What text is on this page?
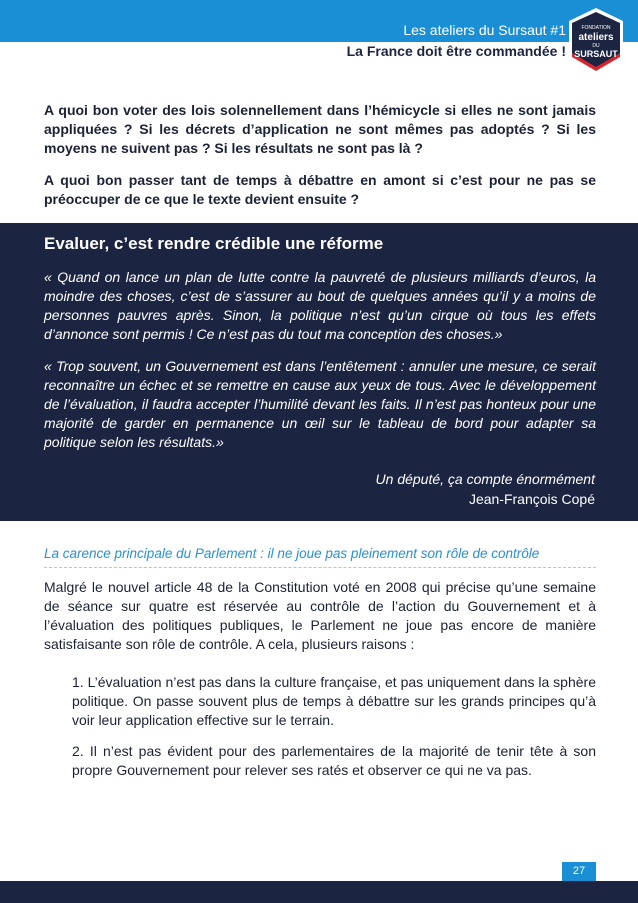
Les ateliers du Sursaut #1
La France doit être commandée !
FONDATION
ateliers
DU
SURSAUT

A quoi bon voter des lois solennellement dans l’hémicycle si elles ne sont jamais appliquées ? Si les décrets d’application ne sont mêmes pas adoptés ? Si les moyens ne suivent pas ? Si les résultats ne sont pas là ?

A quoi bon passer tant de temps à débattre en amont si c’est pour ne pas se préoccuper de ce que le texte devient ensuite ?

Evaluer, c’est rendre crédible une réforme

« Quand on lance un plan de lutte contre la pauvreté de plusieurs milliards d’euros, la moindre des choses, c’est de s’assurer au bout de quelques années qu’il y a moins de personnes pauvres après. Sinon, la politique n’est qu’un cirque où tous les effets d’annonce sont permis ! Ce n’est pas du tout ma conception des choses.»

« Trop souvent, un Gouvernement est dans l’entêtement : annuler une mesure, ce serait reconnaître un échec et se remettre en cause aux yeux de tous. Avec le développement de l’évaluation, il faudra accepter l’humilité devant les faits. Il n’est pas honteux pour une majorité de garder en permanence un œil sur le tableau de bord pour adapter sa politique selon les résultats.»

Un député, ça compte énormément
Jean-François Copé
La carence principale du Parlement : il ne joue pas pleinement son rôle de contrôle

Malgré le nouvel article 48 de la Constitution voté en 2008 qui précise qu’une semaine de séance sur quatre est réservée au contrôle de l’action du Gouvernement et à l’évaluation des politiques publiques, le Parlement ne joue pas encore de manière satisfaisante son rôle de contrôle. A cela, plusieurs raisons :

1. L’évaluation n’est pas dans la culture française, et pas uniquement dans la sphère politique. On passe souvent plus de temps à débattre sur les grands principes qu’à voir leur application effective sur le terrain.

2. Il n’est pas évident pour des parlementaires de la majorité de tenir tête à son propre Gouvernement pour relever ses ratés et observer ce qui ne va pas.

27
